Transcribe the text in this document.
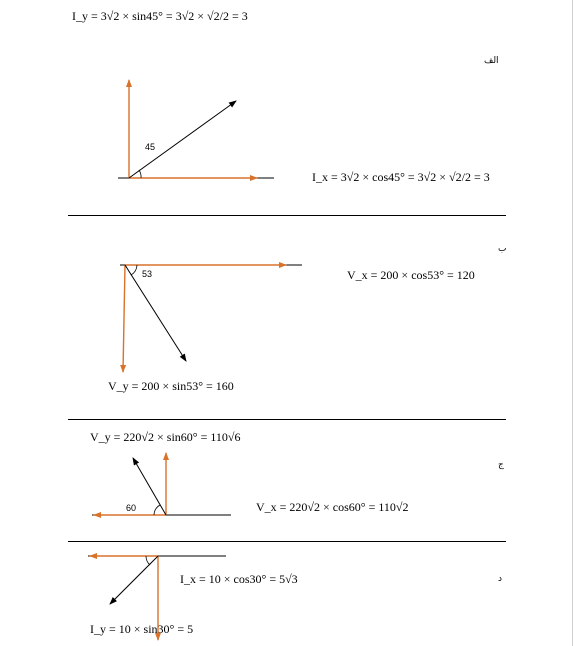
I_y = 3√2 × sin45° = 3√2 × √2/2 = 3
الف
45
I_x = 3√2 × cos45° = 3√2 × √2/2 = 3
ب
53	V_x = 200 × cos53° = 120
V_y = 200 × sin53° = 160
V_y = 220√2 × sin60° = 110√6
ج
60	V_x = 220√2 × cos60° = 110√2
د
I_x = 10 × cos30° = 5√3
I_y = 10 × sin30° = 5
